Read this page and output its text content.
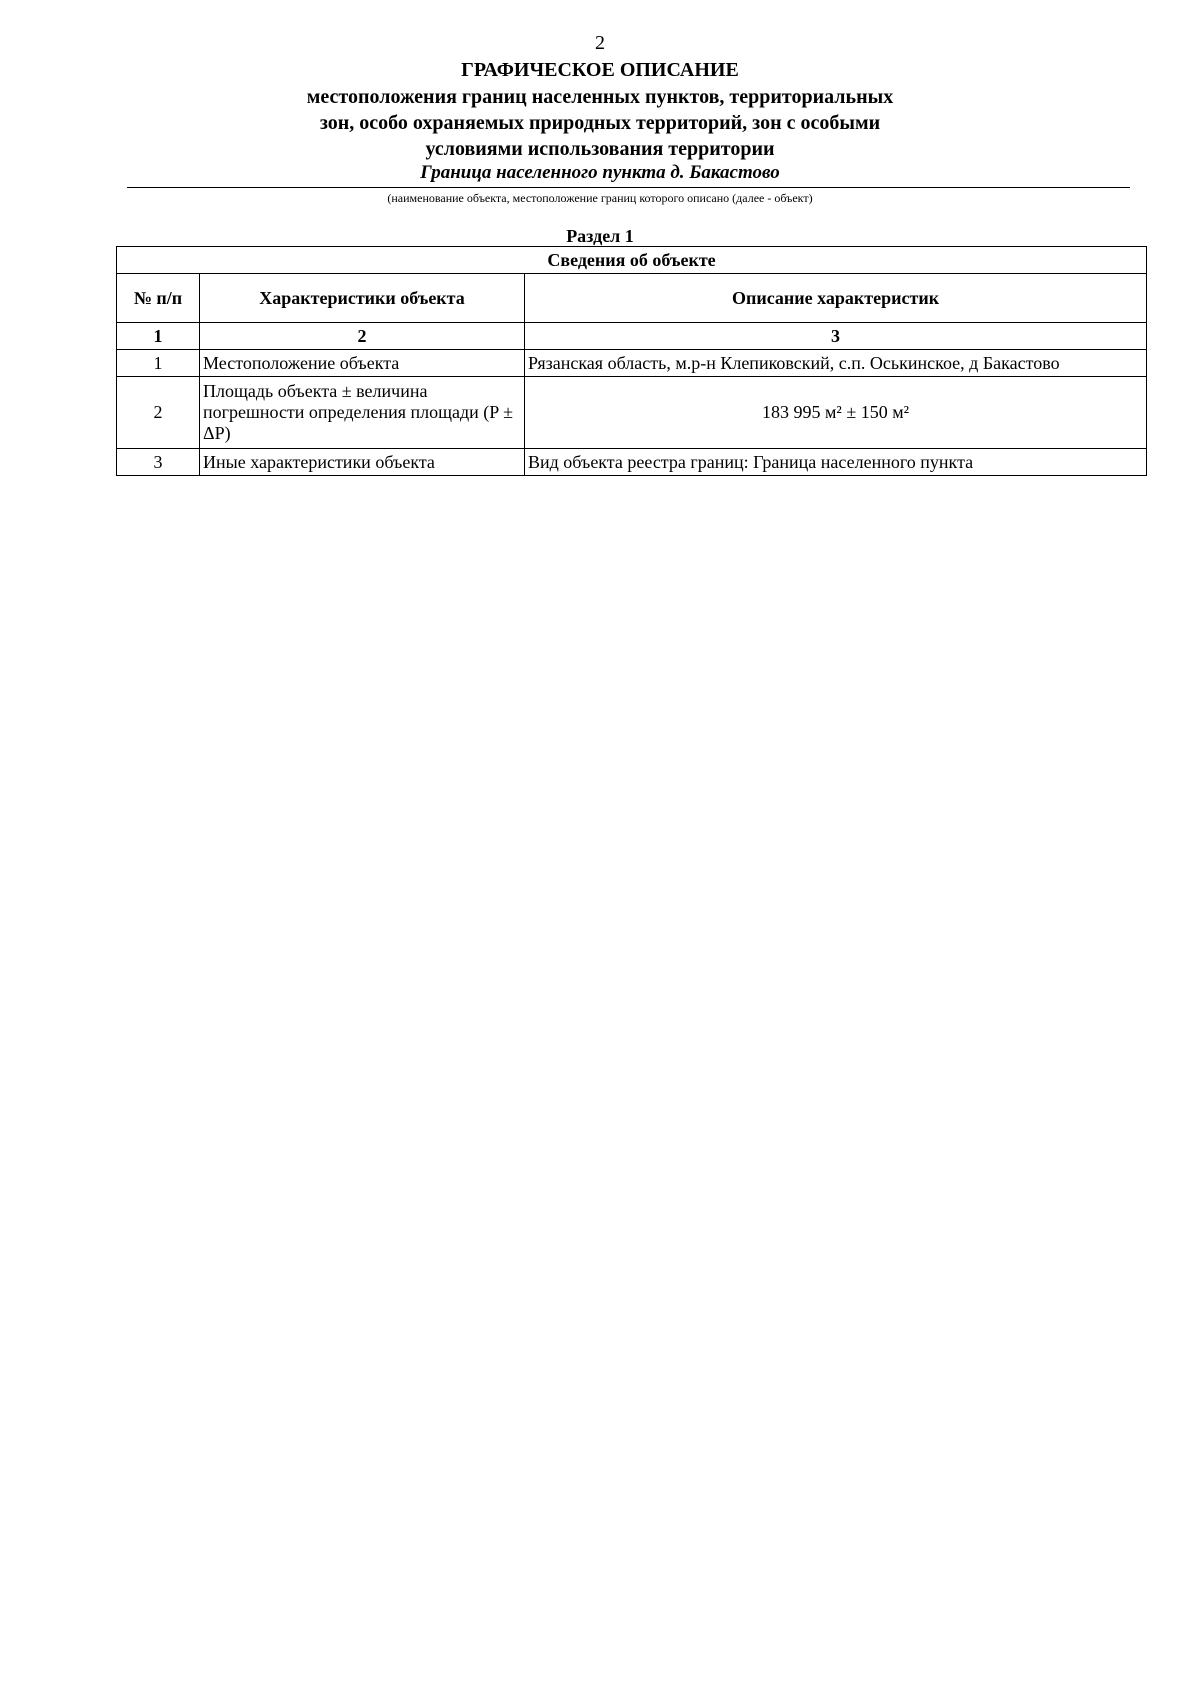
2
ГРАФИЧЕСКОЕ ОПИСАНИЕ
местоположения границ населенных пунктов, территориальных
зон, особо охраняемых природных территорий, зон с особыми
условиями использования территории
Граница населенного пункта д. Бакастово
(наименование объекта, местоположение границ которого описано (далее - объект)
Раздел 1
Сведения об объекте		
№ п/п	Характеристики объекта	Описание характеристик
1	2	3
1	Местоположение объекта	Рязанская область, м.р-н Клепиковский, с.п. Оськинское, д Бакастово
2	Площадь объекта ± величина погрешности определения площади (P ± ΔP)	183 995 м² ± 150 м²
3	Иные характеристики объекта	Вид объекта реестра границ: Граница населенного пункта
